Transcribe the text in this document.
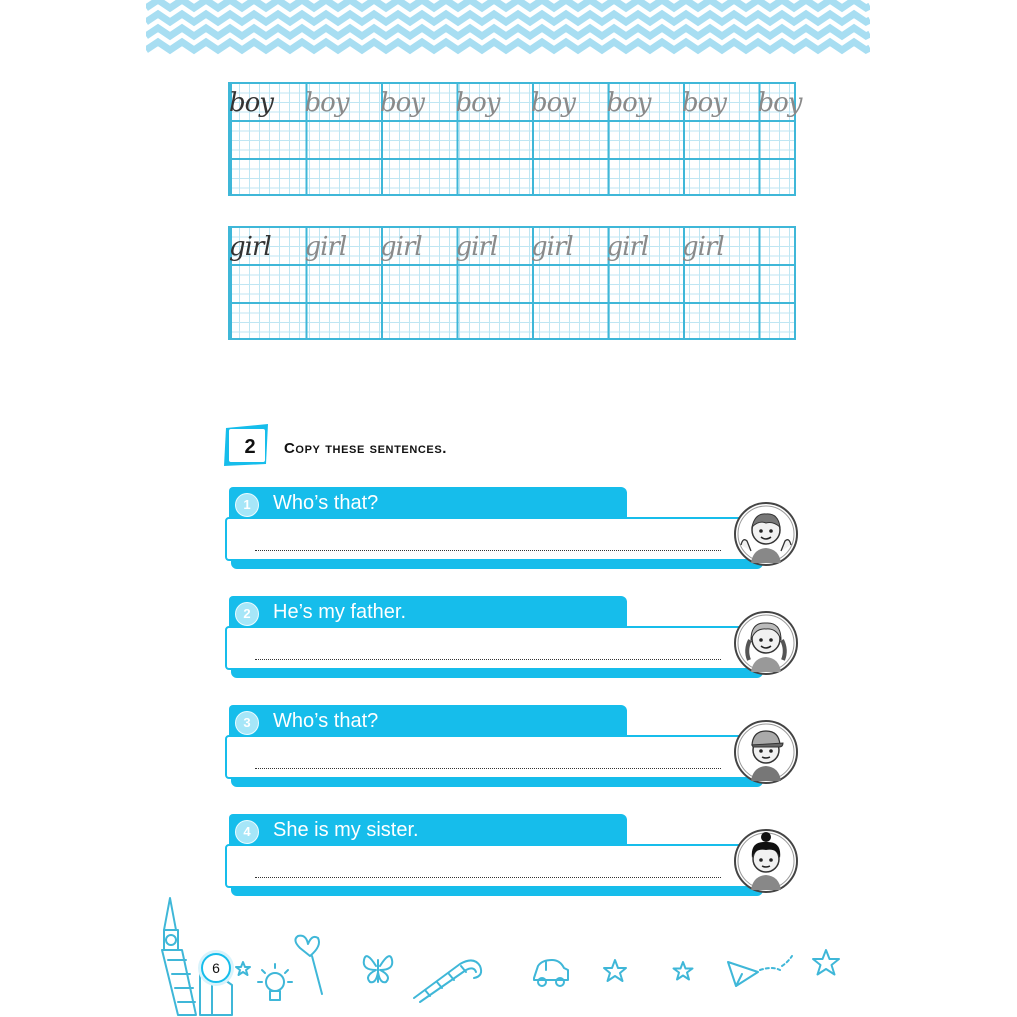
boy boy boy boy boy boy boy boy
girl girl girl girl girl girl girl
2	Copy these sentences.
1	Who’s that?
2	He’s my father.
3	Who’s that?
4	She is my sister.
6
